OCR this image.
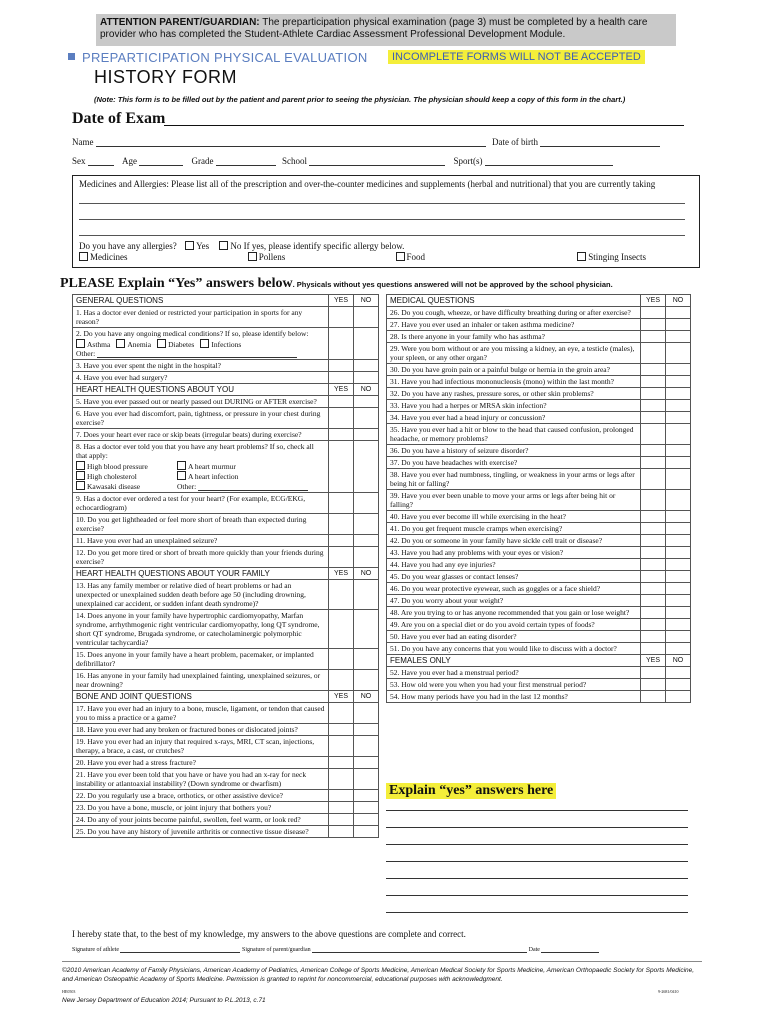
ATTENTION PARENT/GUARDIAN: The preparticipation physical examination (page 3) must be completed by a health care provider who has completed the Student-Athlete Cardiac Assessment Professional Development Module.
PREPARTICIPATION PHYSICAL EVALUATION	INCOMPLETE FORMS WILL NOT BE ACCEPTED
HISTORY FORM
(Note: This form is to be filled out by the patient and parent prior to seeing the physician. The physician should keep a copy of this form in the chart.)
Date of Exam
Name	Date of birth
Sex	Age	Grade	School	Sport(s)
Medicines and Allergies: Please list all of the prescription and over-the-counter medicines and supplements (herbal and nutritional) that you are currently taking
Do you have any allergies? Yes No If yes, please identify specific allergy below.
Medicines	Pollens	Food	Stinging Insects
PLEASE Explain “Yes” answers below. Physicals without yes questions answered will not be approved by the school physician.
GENERAL QUESTIONS	YES	NO
1. Has a doctor ever denied or restricted your participation in sports for any reason?		
2. Do you have any ongoing medical conditions? If so, please identify below:
Asthma Anemia Diabetes Infections
Other:		

3. Have you ever spent the night in the hospital?		
4. Have you ever had surgery?		
HEART HEALTH QUESTIONS ABOUT YOU	YES	NO
5. Have you ever passed out or nearly passed out DURING or AFTER exercise?		
6. Have you ever had discomfort, pain, tightness, or pressure in your chest during exercise?		
7. Does your heart ever race or skip beats (irregular beats) during exercise?		
8. Has a doctor ever told you that you have any heart problems? If so, check all that apply:
High blood pressure A heart murmur
High cholesterol A heart infection
Kawasaki disease Other:		

9. Has a doctor ever ordered a test for your heart? (For example, ECG/EKG, echocardiogram)		
10. Do you get lightheaded or feel more short of breath than expected during exercise?		
11. Have you ever had an unexplained seizure?		
12. Do you get more tired or short of breath more quickly than your friends during exercise?		
HEART HEALTH QUESTIONS ABOUT YOUR FAMILY	YES	NO
13. Has any family member or relative died of heart problems or had an unexpected or unexplained sudden death before age 50 (including drowning, unexplained car accident, or sudden infant death syndrome)?		
14. Does anyone in your family have hypertrophic cardiomyopathy, Marfan syndrome, arrhythmogenic right ventricular cardiomyopathy, long QT syndrome, short QT syndrome, Brugada syndrome, or catecholaminergic polymorphic ventricular tachycardia?		
15. Does anyone in your family have a heart problem, pacemaker, or implanted defibrillator?		
16. Has anyone in your family had unexplained fainting, unexplained seizures, or near drowning?		
BONE AND JOINT QUESTIONS	YES	NO
17. Have you ever had an injury to a bone, muscle, ligament, or tendon that caused you to miss a practice or a game?		
18. Have you ever had any broken or fractured bones or dislocated joints?		
19. Have you ever had an injury that required x-rays, MRI, CT scan, injections, therapy, a brace, a cast, or crutches?		
20. Have you ever had a stress fracture?		
21. Have you ever been told that you have or have you had an x-ray for neck instability or atlantoaxial instability? (Down syndrome or dwarfism)		
22. Do you regularly use a brace, orthotics, or other assistive device?		
23. Do you have a bone, muscle, or joint injury that bothers you?		
24. Do any of your joints become painful, swollen, feel warm, or look red?		
25. Do you have any history of juvenile arthritis or connective tissue disease?		
MEDICAL QUESTIONS	YES	NO
26. Do you cough, wheeze, or have difficulty breathing during or after exercise?		
27. Have you ever used an inhaler or taken asthma medicine?		
28. Is there anyone in your family who has asthma?		
29. Were you born without or are you missing a kidney, an eye, a testicle (males), your spleen, or any other organ?		
30. Do you have groin pain or a painful bulge or hernia in the groin area?		
31. Have you had infectious mononucleosis (mono) within the last month?		
32. Do you have any rashes, pressure sores, or other skin problems?		
33. Have you had a herpes or MRSA skin infection?		
34. Have you ever had a head injury or concussion?		
35. Have you ever had a hit or blow to the head that caused confusion, prolonged headache, or memory problems?		
36. Do you have a history of seizure disorder?		
37. Do you have headaches with exercise?		
38. Have you ever had numbness, tingling, or weakness in your arms or legs after being hit or falling?		
39. Have you ever been unable to move your arms or legs after being hit or falling?		
40. Have you ever become ill while exercising in the heat?		
41. Do you get frequent muscle cramps when exercising?		
42. Do you or someone in your family have sickle cell trait or disease?		
43. Have you had any problems with your eyes or vision?		
44. Have you had any eye injuries?		
45. Do you wear glasses or contact lenses?		
46. Do you wear protective eyewear, such as goggles or a face shield?		
47. Do you worry about your weight?		
48. Are you trying to or has anyone recommended that you gain or lose weight?		
49. Are you on a special diet or do you avoid certain types of foods?		
50. Have you ever had an eating disorder?		
51. Do you have any concerns that you would like to discuss with a doctor?		
FEMALES ONLY	YES	NO
52. Have you ever had a menstrual period?		
53. How old were you when you had your first menstrual period?		
54. How many periods have you had in the last 12 months?		
Explain “yes” answers here
I hereby state that, to the best of my knowledge, my answers to the above questions are complete and correct.
Signature of athlete	Signature of parent/guardian	Date
©2010 American Academy of Family Physicians, American Academy of Pediatrics, American College of Sports Medicine, American Medical Society for Sports Medicine, American Orthopaedic Society for Sports Medicine, and American Osteopathic Academy of Sports Medicine. Permission is granted to reprint for noncommercial, educational purposes with acknowledgment.
HE0503	9-2681/0410
New Jersey Department of Education 2014; Pursuant to P.L.2013, c.71
